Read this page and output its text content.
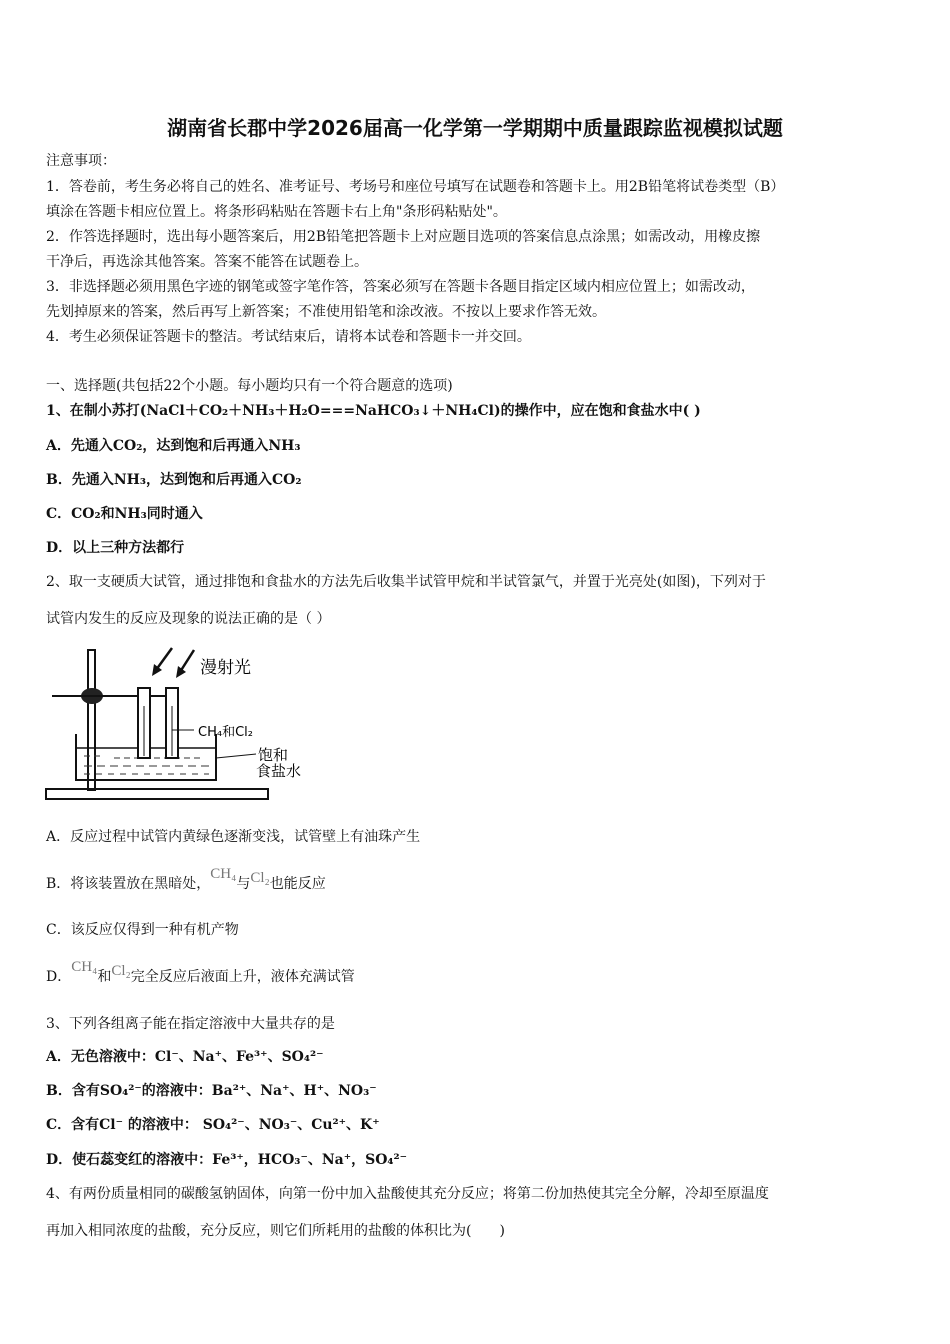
湖南省长郡中学2026届高一化学第一学期期中质量跟踪监视模拟试题
注意事项：
1．答卷前，考生务必将自己的姓名、准考证号、考场号和座位号填写在试题卷和答题卡上。用2B铅笔将试卷类型（B）
填涂在答题卡相应位置上。将条形码粘贴在答题卡右上角"条形码粘贴处"。
2．作答选择题时，选出每小题答案后，用2B铅笔把答题卡上对应题目选项的答案信息点涂黑；如需改动，用橡皮擦
干净后，再选涂其他答案。答案不能答在试题卷上。
3．非选择题必须用黑色字迹的钢笔或签字笔作答，答案必须写在答题卡各题目指定区域内相应位置上；如需改动，
先划掉原来的答案，然后再写上新答案；不准使用铅笔和涂改液。不按以上要求作答无效。
4．考生必须保证答题卡的整洁。考试结束后，请将本试卷和答题卡一并交回。
一、选择题(共包括22个小题。每小题均只有一个符合题意的选项)
1、在制小苏打(NaCl＋CO₂＋NH₃＋H₂O===NaHCO₃↓＋NH₄Cl)的操作中，应在饱和食盐水中( )
A．先通入CO₂，达到饱和后再通入NH₃
B．先通入NH₃，达到饱和后再通入CO₂
C．CO₂和NH₃同时通入
D．以上三种方法都行
2、取一支硬质大试管，通过排饱和食盐水的方法先后收集半试管甲烷和半试管氯气，并置于光亮处(如图)，下列对于
试管内发生的反应及现象的说法正确的是（ ）
漫射光
CH₄和Cl₂
饱和
食盐水
A．反应过程中试管内黄绿色逐渐变浅，试管壁上有油珠产生
B．将该装置放在黑暗处，CH₄与Cl₂也能反应
C．该反应仅得到一种有机产物
D．CH₄和Cl₂完全反应后液面上升，液体充满试管
3、下列各组离子能在指定溶液中大量共存的是
A．无色溶液中：Cl⁻、Na⁺、Fe³⁺、SO₄²⁻
B．含有SO₄²⁻的溶液中：Ba²⁺、Na⁺、H⁺、NO₃⁻
C．含有Cl⁻ 的溶液中： SO₄²⁻、NO₃⁻、Cu²⁺、K⁺
D．使石蕊变红的溶液中：Fe³⁺，HCO₃⁻、Na⁺，SO₄²⁻
4、有两份质量相同的碳酸氢钠固体，向第一份中加入盐酸使其充分反应；将第二份加热使其完全分解，冷却至原温度
再加入相同浓度的盐酸，充分反应，则它们所耗用的盐酸的体积比为(　　)
